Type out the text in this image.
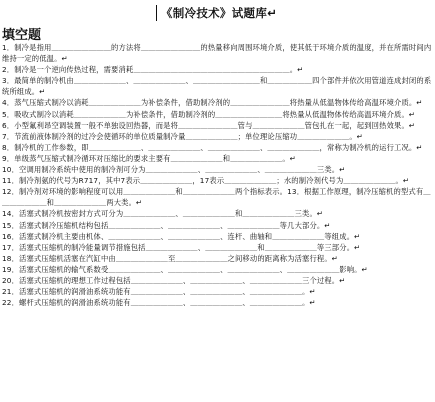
《制冷技术》试题库↵
填空题

1．制冷是指用＿＿＿＿＿＿＿＿的方法将＿＿＿＿＿＿＿＿的热量移向周围环境介质，使其低于环境介质的温度，并在所需时间内维持一定的低温。↵

2．制冷是一个逆向传热过程，需要消耗＿＿＿＿＿＿＿＿＿＿＿＿＿＿＿＿＿＿＿＿＿。↵

3．最简单的制冷机由＿＿＿＿＿＿＿、＿＿＿＿＿＿＿、＿＿＿＿＿＿＿＿＿和＿＿＿＿＿＿四个部件并依次用管道连成封闭的系统所组成。↵

4．蒸气压缩式制冷以消耗＿＿＿＿＿＿＿为补偿条件，借助制冷剂的＿＿＿＿＿＿＿＿将热量从低温物体传给高温环境介质。↵

5．吸收式制冷以消耗＿＿＿＿＿＿＿为补偿条件，借助制冷剂的＿＿＿＿＿＿＿＿＿将热量从低温物体传给高温环境介质。↵

6．小型氟利昂空调装置一般不单独设回热器，而是将＿＿＿＿＿＿＿＿管与＿＿＿＿＿＿＿管包扎在一起，起到回热效果。↵

7．节流前液体制冷剂的过冷会使循环的单位质量制冷量＿＿＿＿＿＿＿；单位理论压缩功＿＿＿＿＿＿＿。↵

8．制冷机的工作参数，即＿＿＿＿＿＿＿、＿＿＿＿＿＿＿、＿＿＿＿＿＿＿、＿＿＿＿＿＿＿，常称为制冷机的运行工况。↵

9．单级蒸气压缩式制冷循环对压缩比的要求主要有＿＿＿＿＿＿＿和＿＿＿＿＿＿＿。↵

10．空调用制冷系统中使用的制冷剂可分为＿＿＿＿＿＿＿、＿＿＿＿＿＿＿、＿＿＿＿＿＿＿三类。↵

11．制冷剂氨的代号为R717，其中7表示＿＿＿＿＿＿＿，17表示＿＿＿＿＿＿＿；水的制冷剂代号为＿＿＿＿＿＿＿。↵

12．制冷剂对环境的影响程度可以用＿＿＿＿＿＿＿和＿＿＿＿＿＿＿两个指标表示。13．根据工作原理，制冷压缩机的型式有＿＿＿＿＿＿＿和＿＿＿＿＿＿＿两大类。↵

14．活塞式制冷机按密封方式可分为＿＿＿＿＿＿＿、＿＿＿＿＿＿＿和＿＿＿＿＿＿＿三类。↵

15．活塞式制冷压缩机结构包括＿＿＿＿＿＿＿、＿＿＿＿＿＿＿、＿＿＿＿＿＿＿等几大部分。↵

16．活塞式制冷机主要由机体、＿＿＿＿＿＿＿、＿＿＿＿＿＿＿、连杆、曲轴和＿＿＿＿＿＿＿等组成。↵

17．活塞式压缩机的制冷能量调节措施包括＿＿＿＿＿＿＿、＿＿＿＿＿＿＿和＿＿＿＿＿＿＿等三部分。↵

18．活塞式压缩机活塞在汽缸中由＿＿＿＿＿＿＿至＿＿＿＿＿＿＿之间移动的距离称为活塞行程。↵

19．活塞式压缩机的输气系数受＿＿＿＿＿＿＿、＿＿＿＿＿＿＿、＿＿＿＿＿＿＿、＿＿＿＿＿＿＿影响。↵

20．活塞式压缩机的理想工作过程包括＿＿＿＿＿＿＿、＿＿＿＿＿＿＿、＿＿＿＿＿＿＿三个过程。↵

21．活塞式压缩机的润滑油系统功能有＿＿＿＿＿＿＿、＿＿＿＿＿＿＿、＿＿＿＿＿＿＿。↵

22．螺杆式压缩机的润滑油系统功能有＿＿＿＿＿＿＿、＿＿＿＿＿＿＿、＿＿＿＿＿＿＿。↵
